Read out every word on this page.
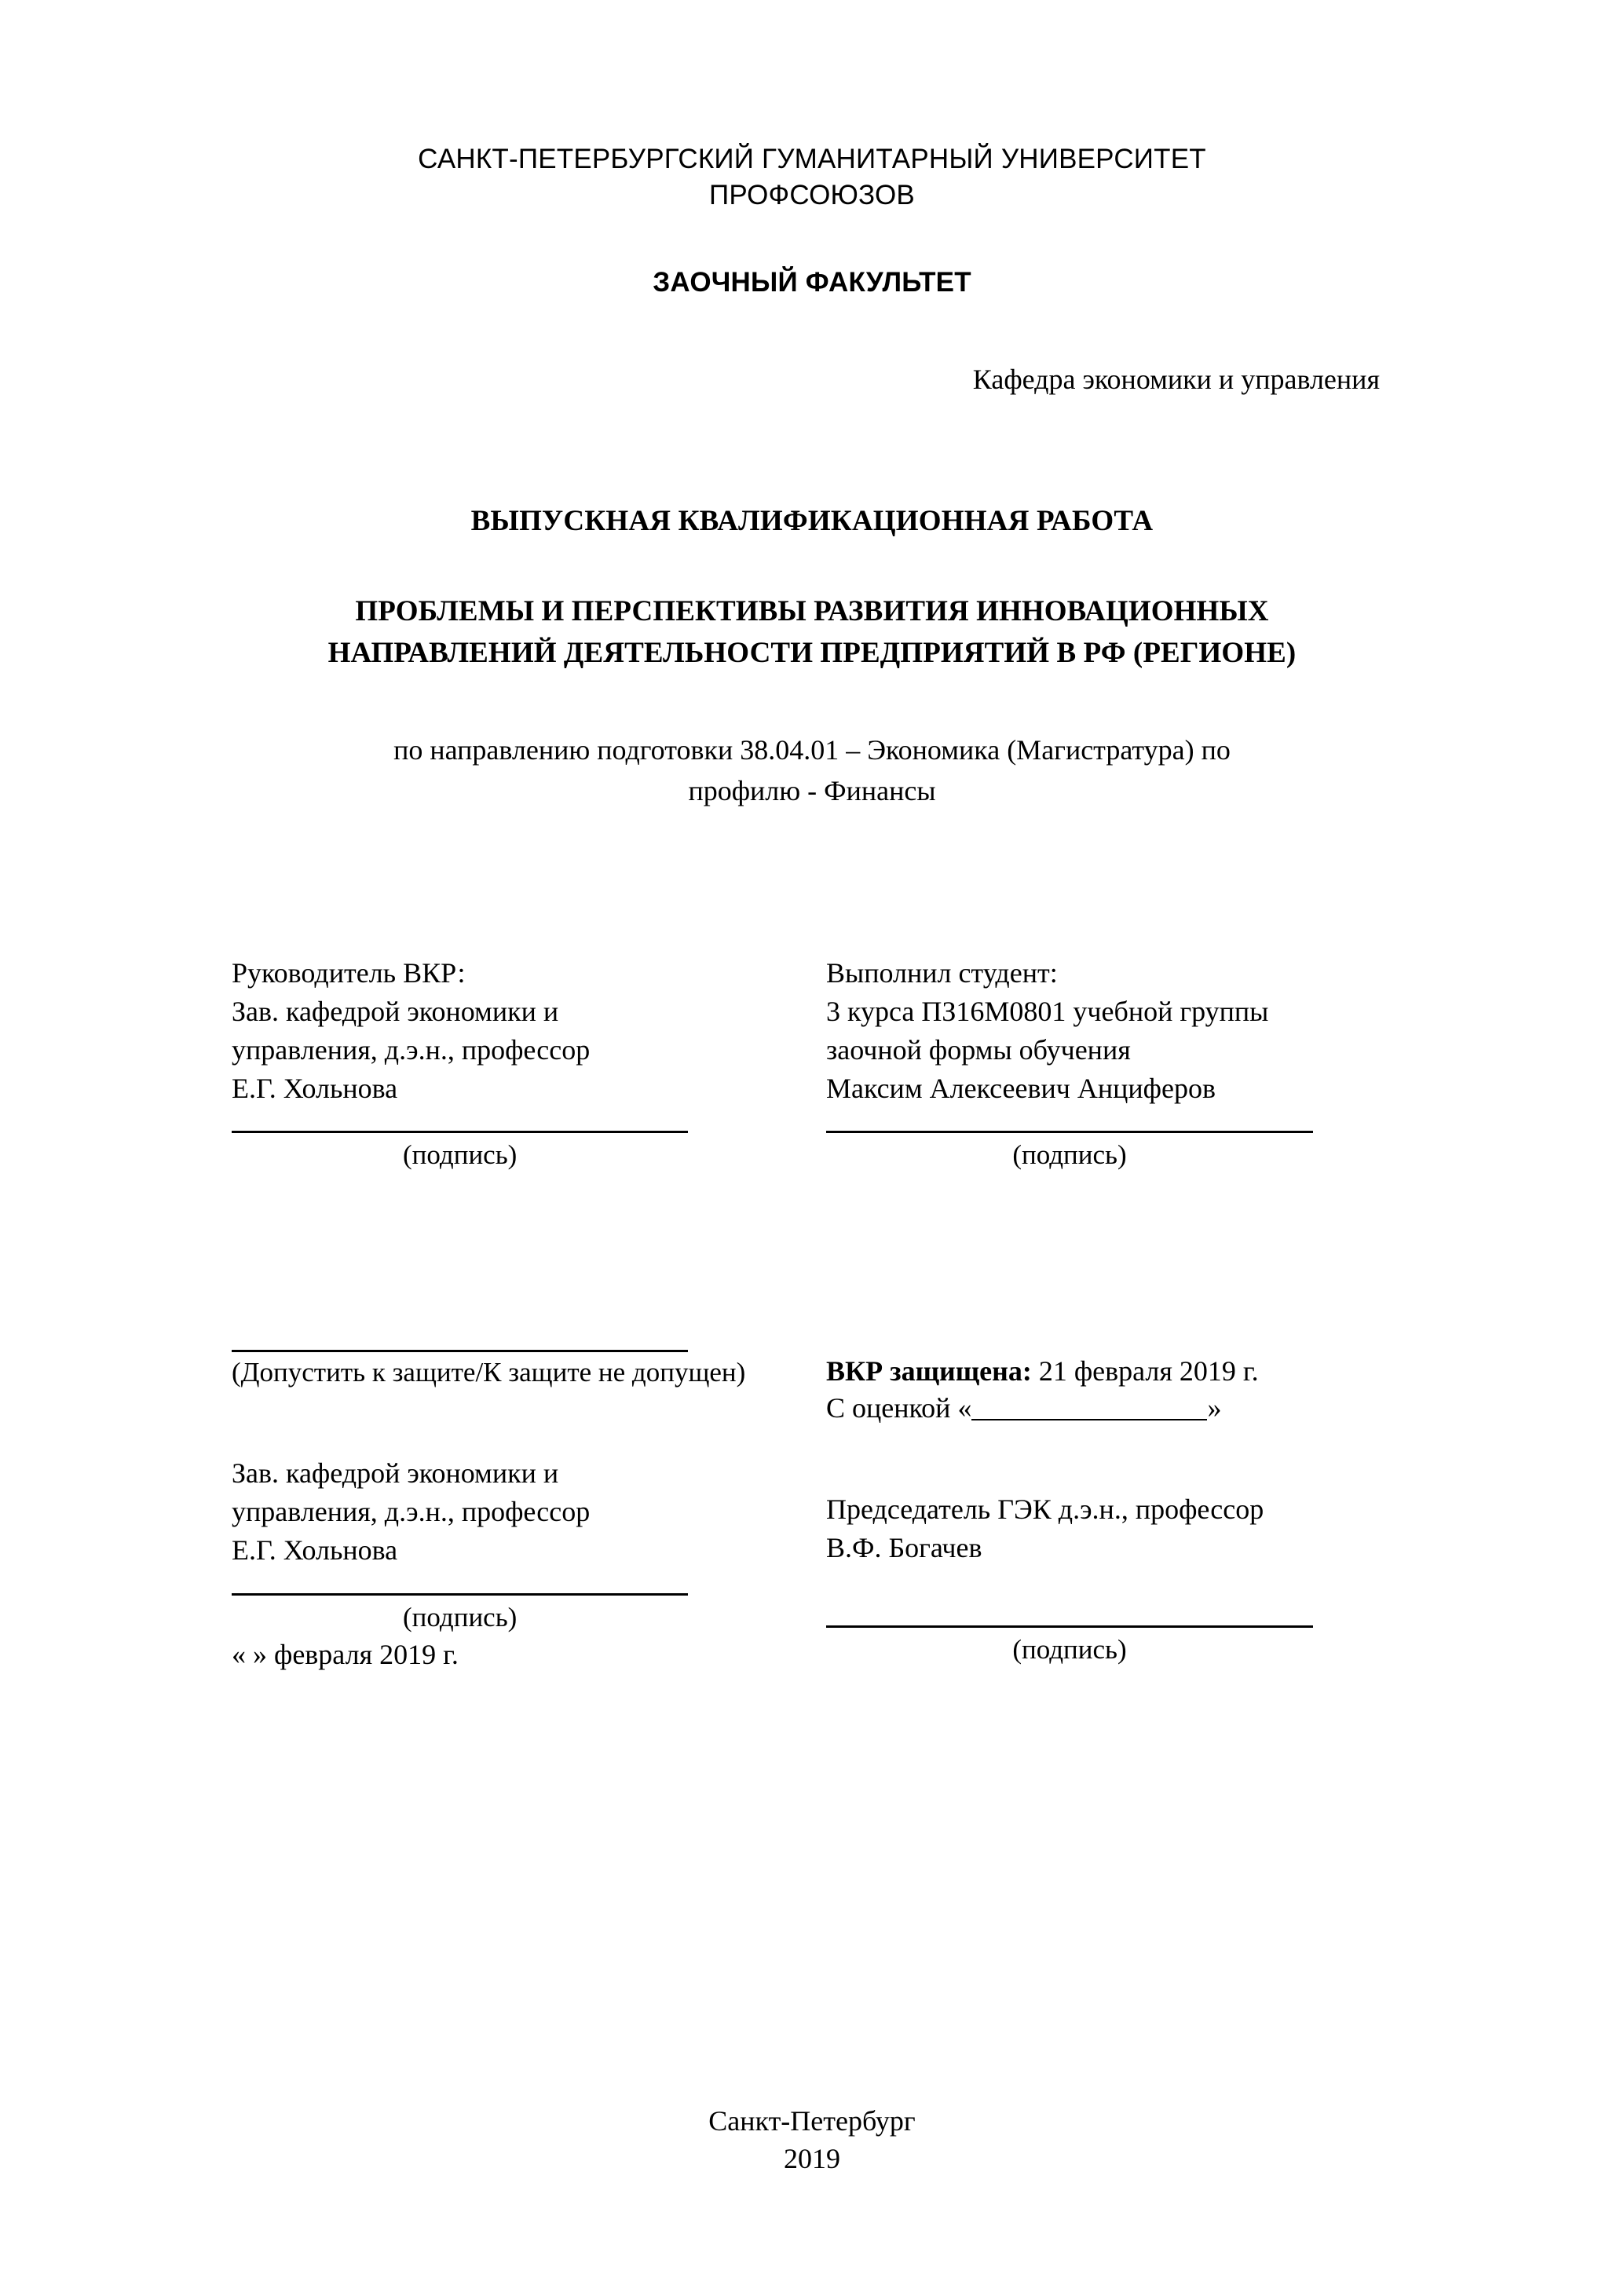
САНКТ-ПЕТЕРБУРГСКИЙ ГУМАНИТАРНЫЙ УНИВЕРСИТЕТ
ПРОФСОЮЗОВ
ЗАОЧНЫЙ ФАКУЛЬТЕТ
Кафедра экономики и управления
ВЫПУСКНАЯ КВАЛИФИКАЦИОННАЯ РАБОТА
ПРОБЛЕМЫ И ПЕРСПЕКТИВЫ РАЗВИТИЯ ИННОВАЦИОННЫХ
НАПРАВЛЕНИЙ ДЕЯТЕЛЬНОСТИ ПРЕДПРИЯТИЙ В РФ (РЕГИОНЕ)
по направлению подготовки 38.04.01 – Экономика (Магистратура) по
профилю - Финансы
Руководитель ВКР:
Зав. кафедрой экономики и
управления, д.э.н., профессор
Е.Г. Хольнова
(подпись)
Выполнил студент:
3 курса ПЗ16М0801 учебной группы
заочной формы обучения
Максим Алексеевич Анциферов
(подпись)
(Допустить к защите/К защите не допущен)
Зав. кафедрой экономики и
управления, д.э.н., профессор
Е.Г. Хольнова
(подпись)
« » февраля 2019 г.
ВКР защищена: 21 февраля 2019 г.
С оценкой «	»
Председатель ГЭК д.э.н., профессор
В.Ф. Богачев
(подпись)
Санкт-Петербург
2019
